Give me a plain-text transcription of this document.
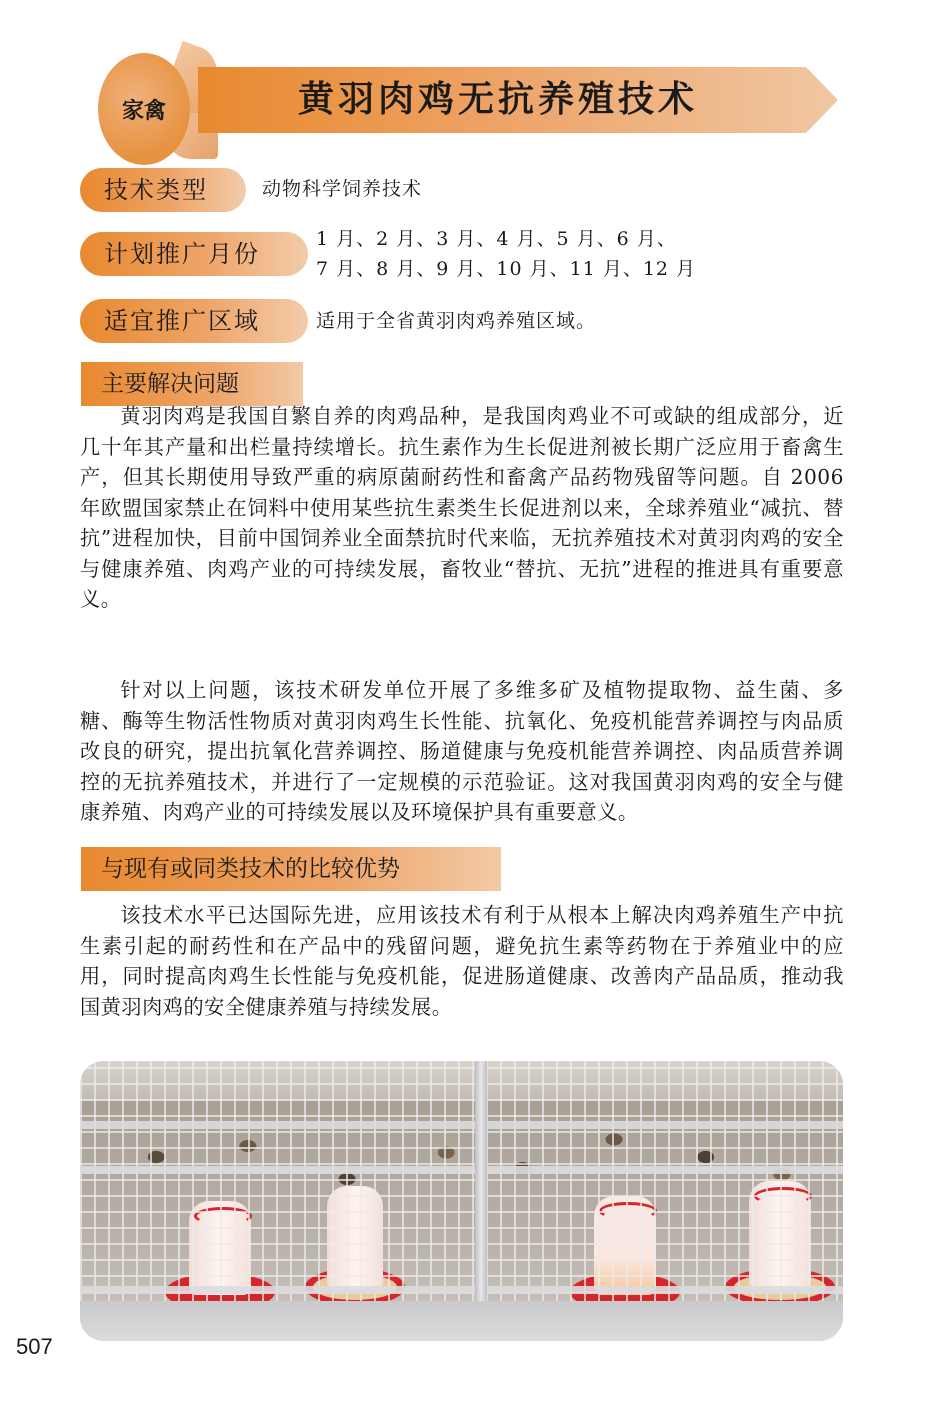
黄羽肉鸡无抗养殖技术
家禽
技术类型	动物科学饲养技术
计划推广月份
1 月、2 月、3 月、4 月、5 月、6 月、
7 月、8 月、9 月、10 月、11 月、12 月
适宜推广区域	适用于全省黄羽肉鸡养殖区域。
主要解决问题

黄羽肉鸡是我国自繁自养的肉鸡品种，是我国肉鸡业不可或缺的组成部分，近几十年其产量和出栏量持续增长。抗生素作为生长促进剂被长期广泛应用于畜禽生产，但其长期使用导致严重的病原菌耐药性和畜禽产品药物残留等问题。自 2006 年欧盟国家禁止在饲料中使用某些抗生素类生长促进剂以来，全球养殖业“减抗、替抗”进程加快，目前中国饲养业全面禁抗时代来临，无抗养殖技术对黄羽肉鸡的安全与健康养殖、肉鸡产业的可持续发展，畜牧业“替抗、无抗”进程的推进具有重要意义。

针对以上问题，该技术研发单位开展了多维多矿及植物提取物、益生菌、多糖、酶等生物活性物质对黄羽肉鸡生长性能、抗氧化、免疫机能营养调控与肉品质改良的研究，提出抗氧化营养调控、肠道健康与免疫机能营养调控、肉品质营养调控的无抗养殖技术，并进行了一定规模的示范验证。这对我国黄羽肉鸡的安全与健康养殖、肉鸡产业的可持续发展以及环境保护具有重要意义。

与现有或同类技术的比较优势

该技术水平已达国际先进，应用该技术有利于从根本上解决肉鸡养殖生产中抗生素引起的耐药性和在产品中的残留问题，避免抗生素等药物在于养殖业中的应用，同时提高肉鸡生长性能与免疫机能，促进肠道健康、改善肉产品品质，推动我国黄羽肉鸡的安全健康养殖与持续发展。

507
